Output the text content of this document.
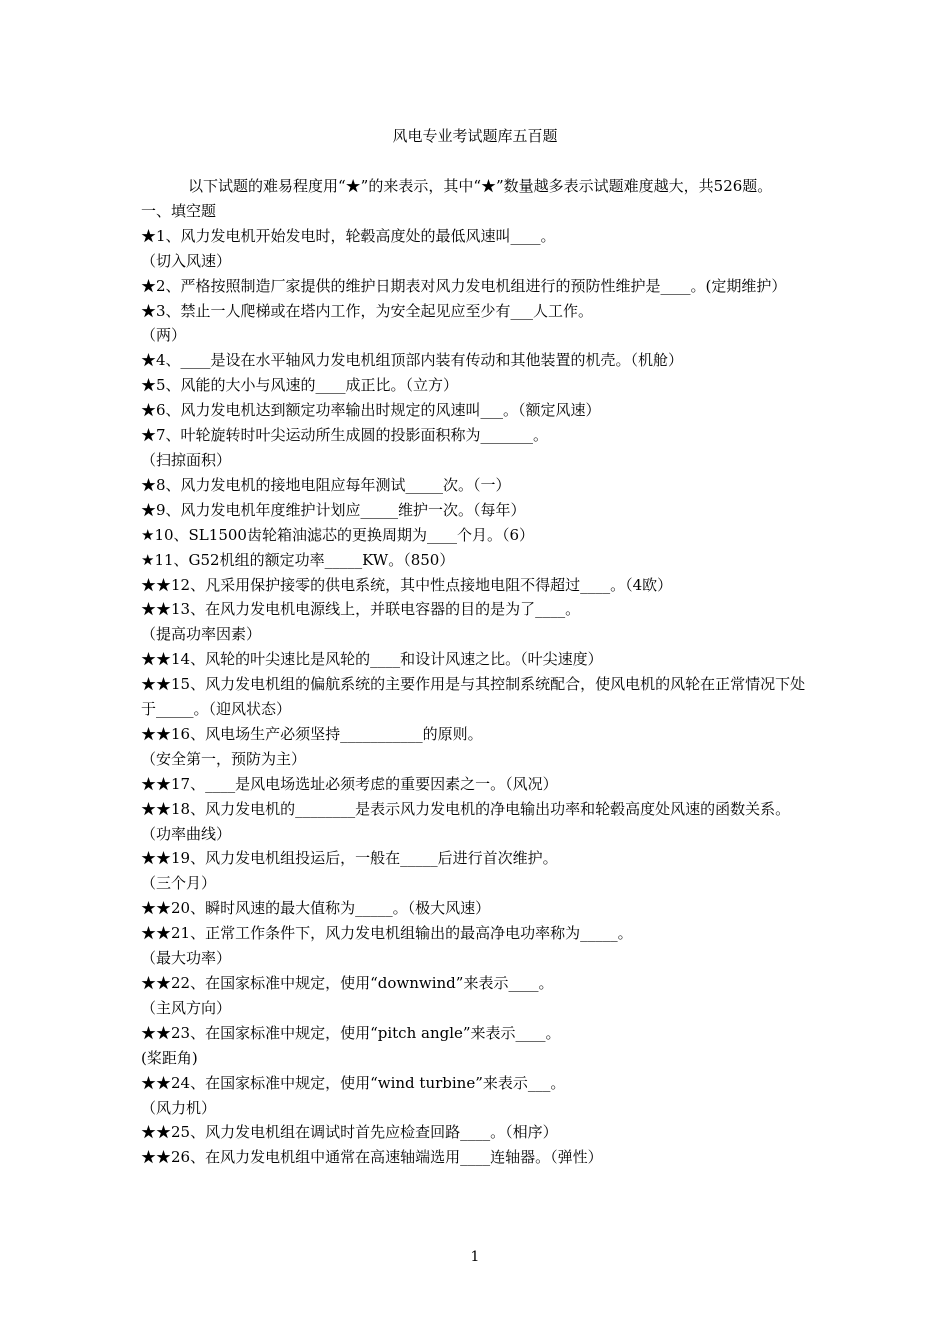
风电专业考试题库五百题

以下试题的难易程度用“★”的来表示，其中“★”数量越多表示试题难度越大，共526题。

一、填空题

★1、风力发电机开始发电时，轮毂高度处的最低风速叫____。

（切入风速）

★2、严格按照制造厂家提供的维护日期表对风力发电机组进行的预防性维护是____。(定期维护）

★3、禁止一人爬梯或在塔内工作，为安全起见应至少有___人工作。

（两）

★4、____是设在水平轴风力发电机组顶部内装有传动和其他装置的机壳。（机舱）

★5、风能的大小与风速的____成正比。（立方）

★6、风力发电机达到额定功率输出时规定的风速叫___。（额定风速）

★7、叶轮旋转时叶尖运动所生成圆的投影面积称为_______。

（扫掠面积）

★8、风力发电机的接地电阻应每年测试_____次。（一）

★9、风力发电机年度维护计划应_____维护一次。（每年）

★10、SL1500齿轮箱油滤芯的更换周期为____个月。（6）

★11、G52机组的额定功率_____KW。（850）

★★12、凡采用保护接零的供电系统，其中性点接地电阻不得超过____。（4欧）

★★13、在风力发电机电源线上，并联电容器的目的是为了____。

（提高功率因素）

★★14、风轮的叶尖速比是风轮的____和设计风速之比。（叶尖速度）

★★15、风力发电机组的偏航系统的主要作用是与其控制系统配合，使风电机的风轮在正常情况下处于_____。（迎风状态）

★★16、风电场生产必须坚持___________的原则。

（安全第一，预防为主）

★★17、____是风电场选址必须考虑的重要因素之一。（风况）

★★18、风力发电机的________是表示风力发电机的净电输出功率和轮毂高度处风速的函数关系。（功率曲线）

★★19、风力发电机组投运后，一般在_____后进行首次维护。

（三个月）

★★20、瞬时风速的最大值称为_____。（极大风速）

★★21、正常工作条件下，风力发电机组输出的最高净电功率称为_____。

（最大功率）

★★22、在国家标准中规定，使用“downwind”来表示____。

（主风方向）

★★23、在国家标准中规定，使用“pitch angle”来表示____。

(桨距角)

★★24、在国家标准中规定，使用“wind turbine”来表示___。

（风力机）

★★25、风力发电机组在调试时首先应检查回路____。（相序）

★★26、在风力发电机组中通常在高速轴端选用____连轴器。（弹性）

1
